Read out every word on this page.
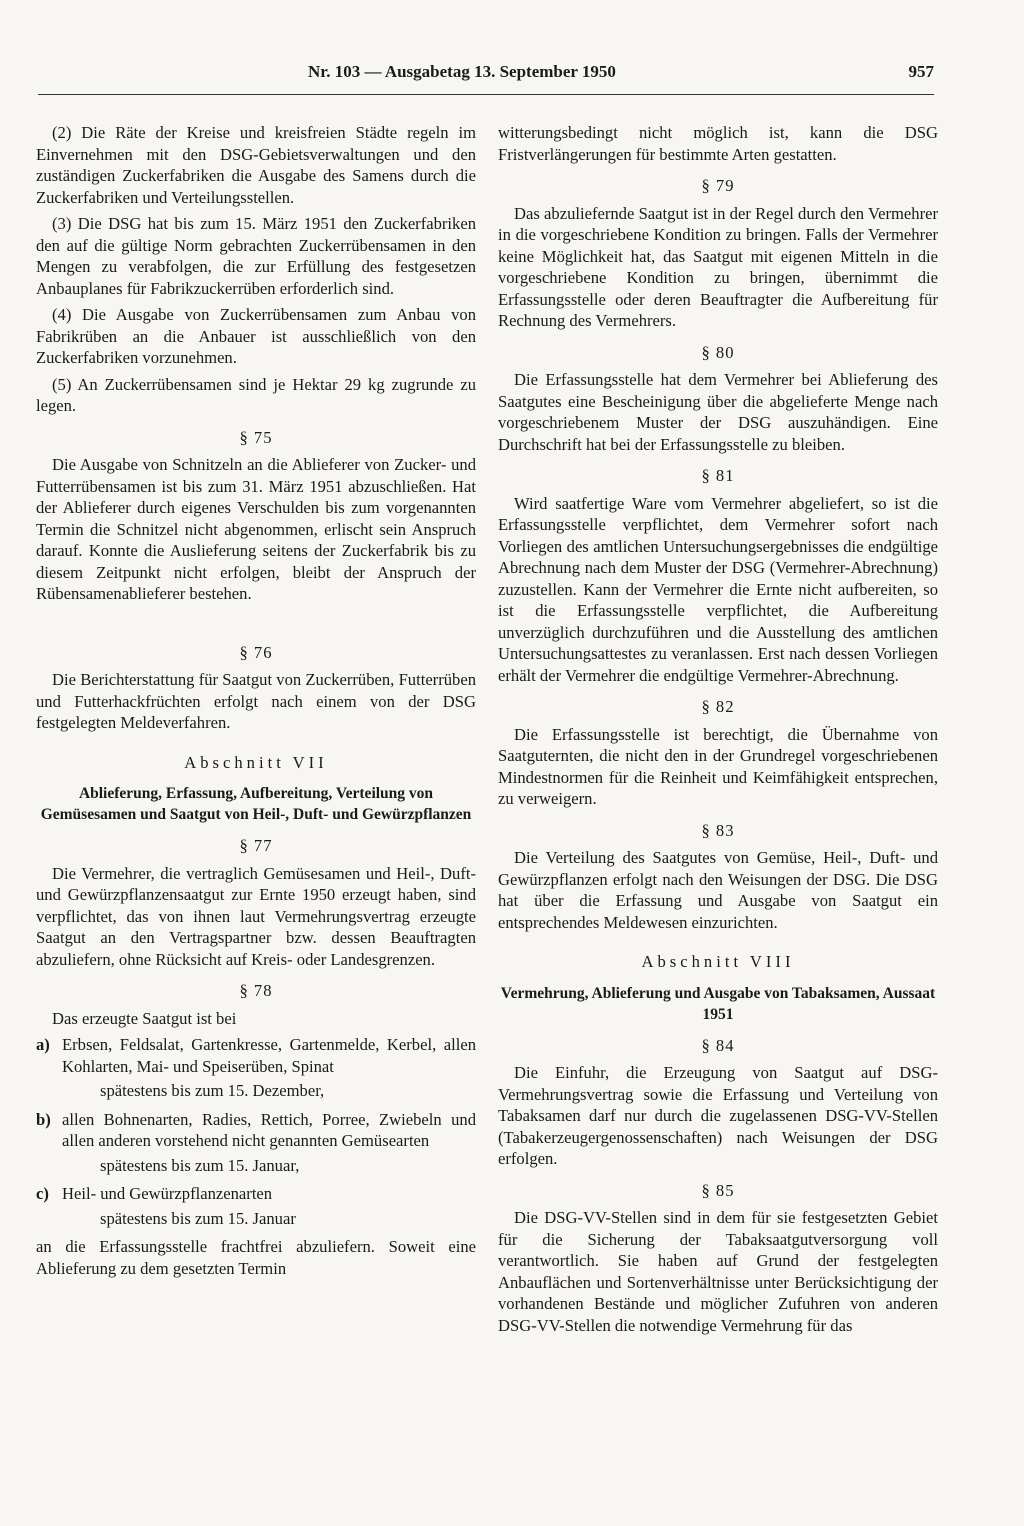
Nr. 103 — Ausgabetag 13. September 1950	957

(2) Die Räte der Kreise und kreisfreien Städte regeln im Einvernehmen mit den DSG-Gebietsverwaltungen und den zuständigen Zuckerfabriken die Ausgabe des Samens durch die Zuckerfabriken und Verteilungsstellen.

(3) Die DSG hat bis zum 15. März 1951 den Zuckerfabriken den auf die gültige Norm gebrachten Zuckerrübensamen in den Mengen zu verabfolgen, die zur Erfüllung des festgesetzen Anbauplanes für Fabrikzuckerrüben erforderlich sind.

(4) Die Ausgabe von Zuckerrübensamen zum Anbau von Fabrikrüben an die Anbauer ist ausschließlich von den Zuckerfabriken vorzunehmen.

(5) An Zuckerrübensamen sind je Hektar 29 kg zugrunde zu legen.

§ 75

Die Ausgabe von Schnitzeln an die Ablieferer von Zucker- und Futterrübensamen ist bis zum 31. März 1951 abzuschließen. Hat der Ablieferer durch eigenes Verschulden bis zum vorgenannten Termin die Schnitzel nicht abgenommen, erlischt sein Anspruch darauf. Konnte die Auslieferung seitens der Zuckerfabrik bis zu diesem Zeitpunkt nicht erfolgen, bleibt der Anspruch der Rübensamenablieferer bestehen.

§ 76

Die Berichterstattung für Saatgut von Zuckerrüben, Futterrüben und Futterhackfrüchten erfolgt nach einem von der DSG festgelegten Meldeverfahren.

Abschnitt VII
Ablieferung, Erfassung, Aufbereitung, Verteilung von Gemüsesamen und Saatgut von Heil-, Duft- und Gewürzpflanzen
§ 77

Die Vermehrer, die vertraglich Gemüsesamen und Heil-, Duft- und Gewürzpflanzensaatgut zur Ernte 1950 erzeugt haben, sind verpflichtet, das von ihnen laut Vermehrungsvertrag erzeugte Saatgut an den Vertragspartner bzw. dessen Beauftragten abzuliefern, ohne Rücksicht auf Kreis- oder Landesgrenzen.

§ 78

Das erzeugte Saatgut ist bei

a) Erbsen, Feldsalat, Gartenkresse, Gartenmelde, Kerbel, allen Kohlarten, Mai- und Speiserüben, Spinat
spätestens bis zum 15. Dezember,
b) allen Bohnenarten, Radies, Rettich, Porree, Zwiebeln und allen anderen vorstehend nicht genannten Gemüsearten
spätestens bis zum 15. Januar,
c) Heil- und Gewürzpflanzenarten
spätestens bis zum 15. Januar

an die Erfassungsstelle frachtfrei abzuliefern. Soweit eine Ablieferung zu dem gesetzten Termin

witterungsbedingt nicht möglich ist, kann die DSG Fristverlängerungen für bestimmte Arten gestatten.

§ 79

Das abzuliefernde Saatgut ist in der Regel durch den Vermehrer in die vorgeschriebene Kondition zu bringen. Falls der Vermehrer keine Möglichkeit hat, das Saatgut mit eigenen Mitteln in die vorgeschriebene Kondition zu bringen, übernimmt die Erfassungsstelle oder deren Beauftragter die Aufbereitung für Rechnung des Vermehrers.

§ 80

Die Erfassungsstelle hat dem Vermehrer bei Ablieferung des Saatgutes eine Bescheinigung über die abgelieferte Menge nach vorgeschriebenem Muster der DSG auszuhändigen. Eine Durchschrift hat bei der Erfassungsstelle zu bleiben.

§ 81

Wird saatfertige Ware vom Vermehrer abgeliefert, so ist die Erfassungsstelle verpflichtet, dem Vermehrer sofort nach Vorliegen des amtlichen Untersuchungsergebnisses die endgültige Abrechnung nach dem Muster der DSG (Vermehrer-Abrechnung) zuzustellen. Kann der Vermehrer die Ernte nicht aufbereiten, so ist die Erfassungsstelle verpflichtet, die Aufbereitung unverzüglich durchzuführen und die Ausstellung des amtlichen Untersuchungsattestes zu veranlassen. Erst nach dessen Vorliegen erhält der Vermehrer die endgültige Vermehrer-Abrechnung.

§ 82

Die Erfassungsstelle ist berechtigt, die Übernahme von Saatguternten, die nicht den in der Grundregel vorgeschriebenen Mindestnormen für die Reinheit und Keimfähigkeit entsprechen, zu verweigern.

§ 83

Die Verteilung des Saatgutes von Gemüse, Heil-, Duft- und Gewürzpflanzen erfolgt nach den Weisungen der DSG. Die DSG hat über die Erfassung und Ausgabe von Saatgut ein entsprechendes Meldewesen einzurichten.

Abschnitt VIII
Vermehrung, Ablieferung und Ausgabe von Tabaksamen, Aussaat 1951
§ 84

Die Einfuhr, die Erzeugung von Saatgut auf DSG-Vermehrungsvertrag sowie die Erfassung und Verteilung von Tabaksamen darf nur durch die zugelassenen DSG-VV-Stellen (Tabakerzeugergenossenschaften) nach Weisungen der DSG erfolgen.

§ 85

Die DSG-VV-Stellen sind in dem für sie festgesetzten Gebiet für die Sicherung der Tabaksaatgutversorgung voll verantwortlich. Sie haben auf Grund der festgelegten Anbauflächen und Sortenverhältnisse unter Berücksichtigung der vorhandenen Bestände und möglicher Zufuhren von anderen DSG-VV-Stellen die notwendige Vermehrung für das
